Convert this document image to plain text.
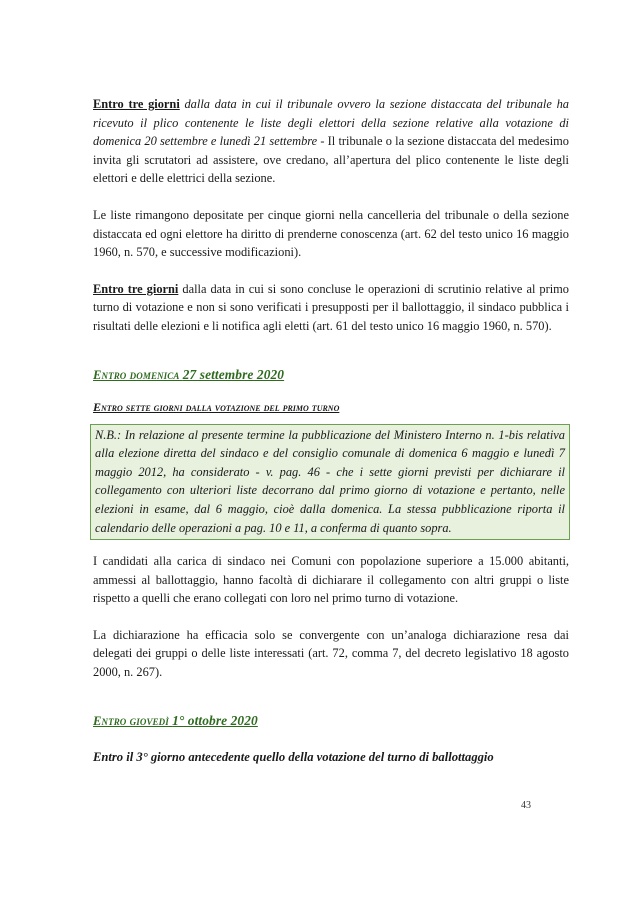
Entro tre giorni dalla data in cui il tribunale ovvero la sezione distaccata del tribunale ha ricevuto il plico contenente le liste degli elettori della sezione relative alla votazione di domenica 20 settembre e lunedì 21 settembre - Il tribunale o la sezione distaccata del medesimo invita gli scrutatori ad assistere, ove credano, all’apertura del plico contenente le liste degli elettori e delle elettrici della sezione.

Le liste rimangono depositate per cinque giorni nella cancelleria del tribunale o della sezione distaccata ed ogni elettore ha diritto di prenderne conoscenza (art. 62 del testo unico 16 maggio 1960, n. 570, e successive modificazioni).

Entro tre giorni dalla data in cui si sono concluse le operazioni di scrutinio relative al primo turno di votazione e non si sono verificati i presupposti per il ballottaggio, il sindaco pubblica i risultati delle elezioni e li notifica agli eletti (art. 61 del testo unico 16 maggio 1960, n. 570).

Entro domenica 27 settembre 2020

Entro sette giorni dalla votazione del primo turno

N.B.: In relazione al presente termine la pubblicazione del Ministero Interno n. 1-bis relativa alla elezione diretta del sindaco e del consiglio comunale di domenica 6 maggio e lunedì 7 maggio 2012, ha considerato - v. pag. 46 - che i sette giorni previsti per dichiarare il collegamento con ulteriori liste decorrano dal primo giorno di votazione e pertanto, nelle elezioni in esame, dal 6 maggio, cioè dalla domenica. La stessa pubblicazione riporta il calendario delle operazioni a pag. 10 e 11, a conferma di quanto sopra.

I candidati alla carica di sindaco nei Comuni con popolazione superiore a 15.000 abitanti, ammessi al ballottaggio, hanno facoltà di dichiarare il collegamento con altri gruppi o liste rispetto a quelli che erano collegati con loro nel primo turno di votazione.

La dichiarazione ha efficacia solo se convergente con un’analoga dichiarazione resa dai delegati dei gruppi o delle liste interessati (art. 72, comma 7, del decreto legislativo 18 agosto 2000, n. 267).

Entro giovedì 1° ottobre 2020

Entro il 3° giorno antecedente quello della votazione del turno di ballottaggio

43
